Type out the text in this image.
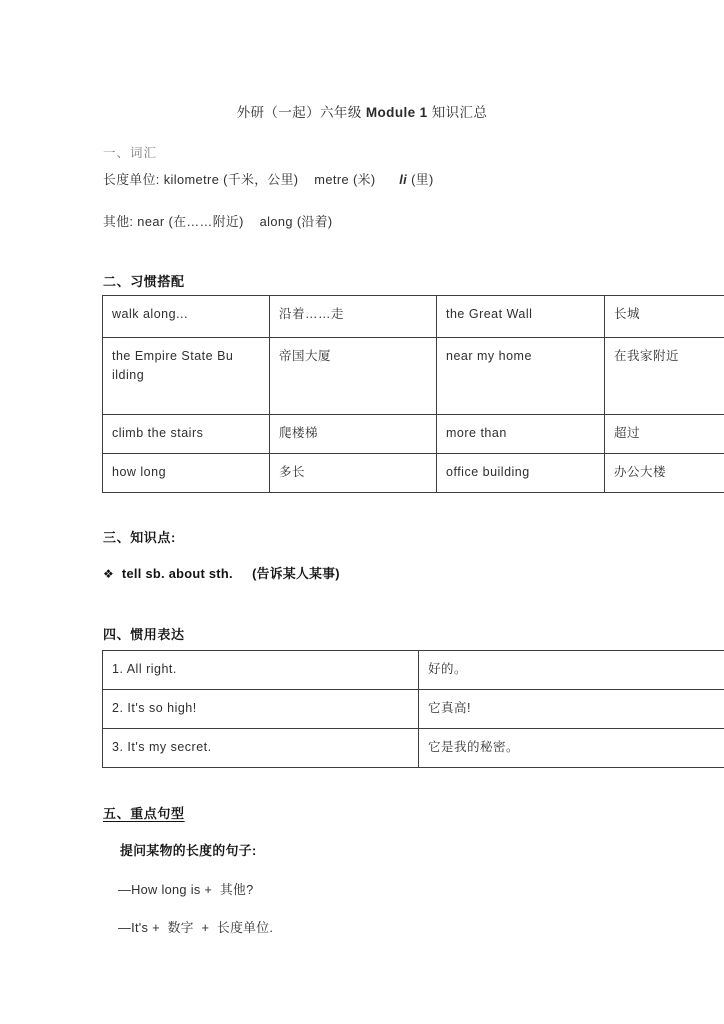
外研（一起）六年级 Module 1 知识汇总
一、词汇
长度单位: kilometre (千米，公里)    metre (米)      li (里)
其他: near (在……附近)    along (沿着)
二、习惯搭配
walk along...	沿着……走	the Great Wall	长城
the Empire State Bu ilding	帝国大厦	near my home	在我家附近
climb the stairs	爬楼梯	more than	超过
how long	多长	office building	办公大楼
三、知识点:
❖ tell sb. about sth.     (告诉某人某事)
四、惯用表达
1. All right.	好的。
2. It's so high!	它真高!
3. It's my secret.	它是我的秘密。
五、重点句型
提问某物的长度的句子:
—How long is +  其他?
—It's +  数字  +  长度单位.
